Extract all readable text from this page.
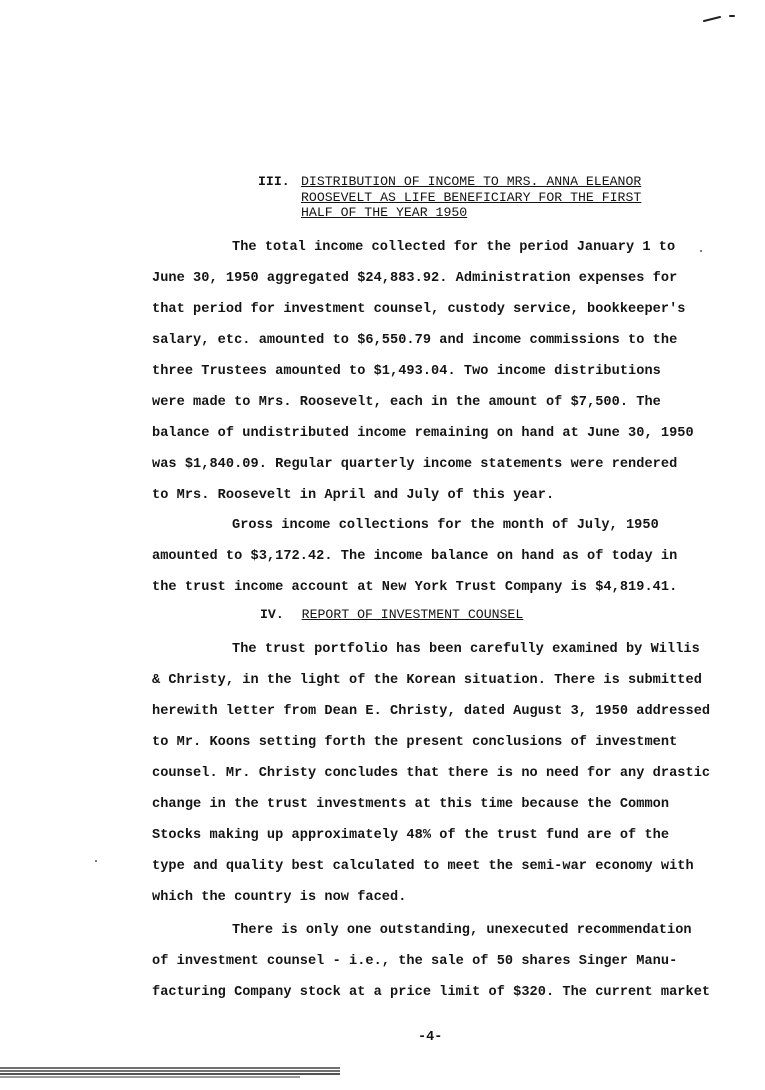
III. DISTRIBUTION OF INCOME TO MRS. ANNA ELEANOR
ROOSEVELT AS LIFE BENEFICIARY FOR THE FIRST
HALF OF THE YEAR 1950
The total income collected for the period January 1 to
June 30, 1950 aggregated $24,883.92. Administration expenses for
that period for investment counsel, custody service, bookkeeper's
salary, etc. amounted to $6,550.79 and income commissions to the
three Trustees amounted to $1,493.04. Two income distributions
were made to Mrs. Roosevelt, each in the amount of $7,500. The
balance of undistributed income remaining on hand at June 30, 1950
was $1,840.09. Regular quarterly income statements were rendered
to Mrs. Roosevelt in April and July of this year.
Gross income collections for the month of July, 1950
amounted to $3,172.42. The income balance on hand as of today in
the trust income account at New York Trust Company is $4,819.41.
IV. REPORT OF INVESTMENT COUNSEL
The trust portfolio has been carefully examined by Willis
& Christy, in the light of the Korean situation. There is submitted
herewith letter from Dean E. Christy, dated August 3, 1950 addressed
to Mr. Koons setting forth the present conclusions of investment
counsel. Mr. Christy concludes that there is no need for any drastic
change in the trust investments at this time because the Common
Stocks making up approximately 48% of the trust fund are of the
type and quality best calculated to meet the semi-war economy with
which the country is now faced.
There is only one outstanding, unexecuted recommendation
of investment counsel - i.e., the sale of 50 shares Singer Manu-
facturing Company stock at a price limit of $320. The current market
-4-
